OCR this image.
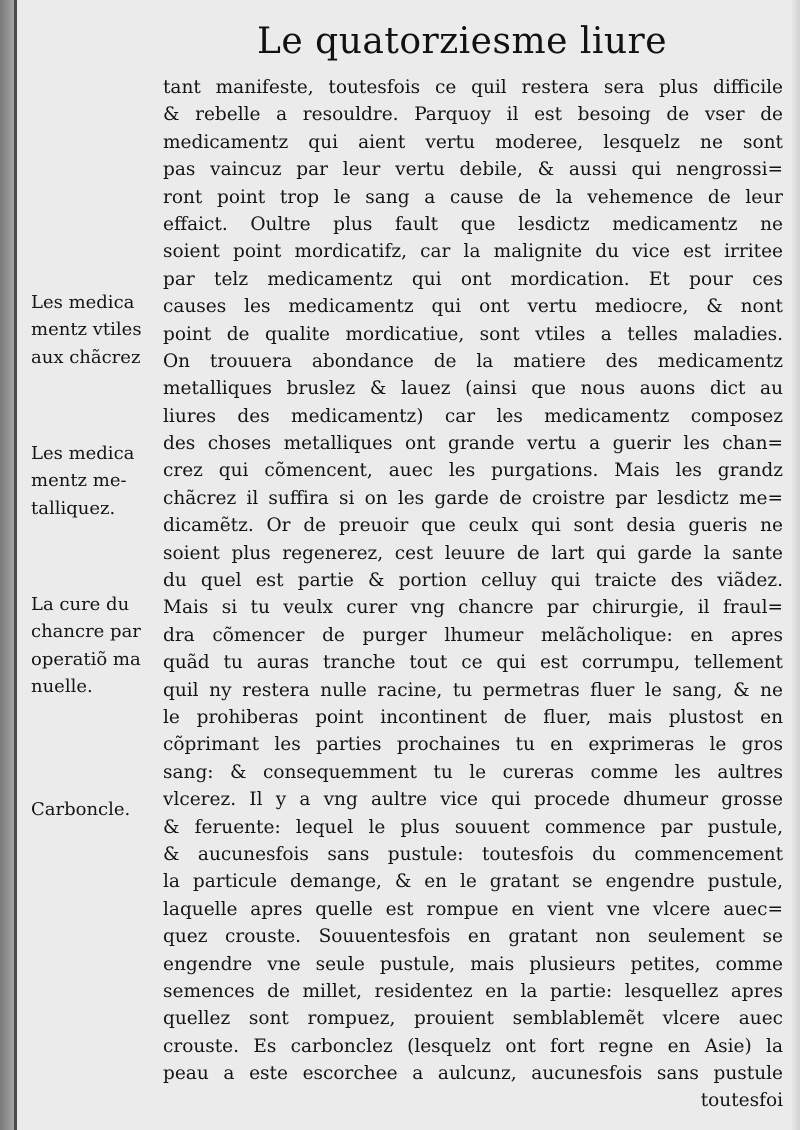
Le quatorziesme liure
Les medica
mentz vtiles
aux chãcrez
Les medica
mentz me-
talliquez.
La cure du
chancre par
operatiõ ma
nuelle.
Carboncle.
tant manifeste, toutesfois ce quil restera sera plus difficile
& rebelle a resouldre. Parquoy il est besoing de vser de
medicamentz qui aient vertu moderee, lesquelz ne sont
pas vaincuz par leur vertu debile, & aussi qui nengrossi=
ront point trop le sang a cause de la vehemence de leur
effaict. Oultre plus fault que lesdictz medicamentz ne
soient point mordicatifz, car la malignite du vice est irritee
par telz medicamentz qui ont mordication. Et pour ces
causes les medicamentz qui ont vertu mediocre, & nont
point de qualite mordicatiue, sont vtiles a telles maladies.
On trouuera abondance de la matiere des medicamentz
metalliques bruslez & lauez (ainsi que nous auons dict au
liures des medicamentz) car les medicamentz composez
des choses metalliques ont grande vertu a guerir les chan=
crez qui cõmencent, auec les purgations. Mais les grandz
chãcrez il suffira si on les garde de croistre par lesdictz me=
dicamẽtz. Or de preuoir que ceulx qui sont desia gueris ne
soient plus regenerez, cest leuure de lart qui garde la sante
du quel est partie & portion celluy qui traicte des viãdez.
Mais si tu veulx curer vng chancre par chirurgie, il fraul=
dra cõmencer de purger lhumeur melãcholique: en apres
quãd tu auras tranche tout ce qui est corrumpu, tellement
quil ny restera nulle racine, tu permetras fluer le sang, & ne
le prohiberas point incontinent de fluer, mais plustost en
cõprimant les parties prochaines tu en exprimeras le gros
sang: & consequemment tu le cureras comme les aultres
vlcerez. Il y a vng aultre vice qui procede dhumeur grosse
& feruente: lequel le plus souuent commence par pustule,
& aucunesfois sans pustule: toutesfois du commencement
la particule demange, & en le gratant se engendre pustule,
laquelle apres quelle est rompue en vient vne vlcere auec=
quez crouste. Souuentesfois en gratant non seulement se
engendre vne seule pustule, mais plusieurs petites, comme
semences de millet, residentez en la partie: lesquellez apres
quellez sont rompuez, prouient semblablemẽt vlcere auec
crouste. Es carbonclez (lesquelz ont fort regne en Asie) la
peau a este escorchee a aulcunz, aucunesfois sans pustule
toutesfoi
